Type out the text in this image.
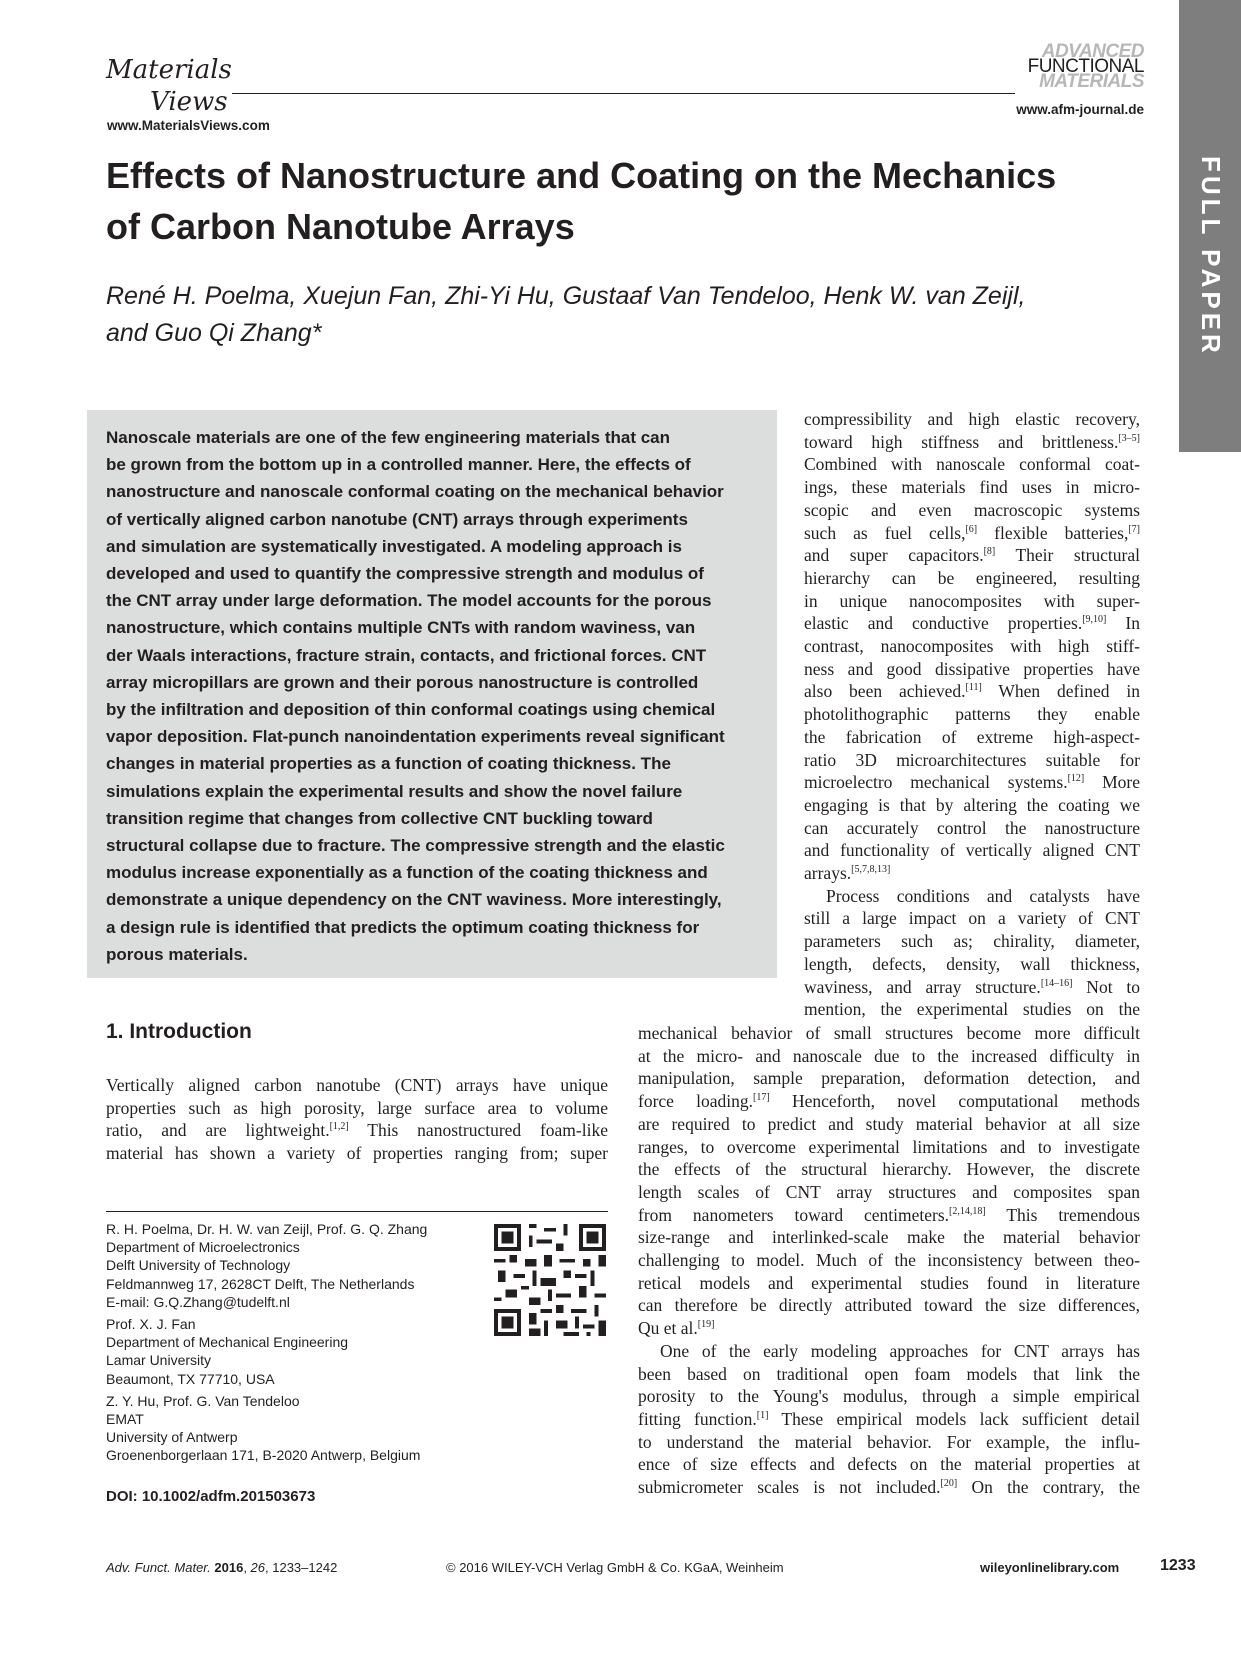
Materials
Views
www.MaterialsViews.com
ADVANCED
FUNCTIONAL
MATERIALS
www.afm-journal.de
FULL PAPER
Effects of Nanostructure and Coating on the Mechanics
of Carbon Nanotube Arrays
René H. Poelma, Xuejun Fan, Zhi-Yi Hu, Gustaaf Van Tendeloo, Henk W. van Zeijl,
and Guo Qi Zhang*
Nanoscale materials are one of the few engineering materials that can
be grown from the bottom up in a controlled manner. Here, the effects of
nanostructure and nanoscale conformal coating on the mechanical behavior
of vertically aligned carbon nanotube (CNT) arrays through experiments
and simulation are systematically investigated. A modeling approach is
developed and used to quantify the compressive strength and modulus of
the CNT array under large deformation. The model accounts for the porous
nanostructure, which contains multiple CNTs with random waviness, van
der Waals interactions, fracture strain, contacts, and frictional forces. CNT
array micropillars are grown and their porous nanostructure is controlled
by the infiltration and deposition of thin conformal coatings using chemical
vapor deposition. Flat-punch nanoindentation experiments reveal significant
changes in material properties as a function of coating thickness. The
simulations explain the experimental results and show the novel failure
transition regime that changes from collective CNT buckling toward
structural collapse due to fracture. The compressive strength and the elastic
modulus increase exponentially as a function of the coating thickness and
demonstrate a unique dependency on the CNT waviness. More interestingly,
a design rule is identified that predicts the optimum coating thickness for
porous materials.
compressibility and high elastic recovery,
toward high stiffness and brittleness.[3–5]
Combined with nanoscale conformal coat-
ings, these materials find uses in micro-
scopic and even macroscopic systems
such as fuel cells,[6] flexible batteries,[7]
and super capacitors.[8] Their structural
hierarchy can be engineered, resulting
in unique nanocomposites with super-
elastic and conductive properties.[9,10] In
contrast, nanocomposites with high stiff-
ness and good dissipative properties have
also been achieved.[11] When defined in
photolithographic patterns they enable
the fabrication of extreme high-aspect-
ratio 3D microarchitectures suitable for
microelectro mechanical systems.[12] More
engaging is that by altering the coating we
can accurately control the nanostructure
and functionality of vertically aligned CNT
arrays.[5,7,8,13]
Process conditions and catalysts have
still a large impact on a variety of CNT
parameters such as; chirality, diameter,
length, defects, density, wall thickness,
waviness, and array structure.[14–16] Not to
mention, the experimental studies on the
mechanical behavior of small structures become more difficult
at the micro- and nanoscale due to the increased difficulty in
manipulation, sample preparation, deformation detection, and
force loading.[17] Henceforth, novel computational methods
are required to predict and study material behavior at all size
ranges, to overcome experimental limitations and to investigate
the effects of the structural hierarchy. However, the discrete
length scales of CNT array structures and composites span
from nanometers toward centimeters.[2,14,18] This tremendous
size-range and interlinked-scale make the material behavior
challenging to model. Much of the inconsistency between theo-
retical models and experimental studies found in literature
can therefore be directly attributed toward the size differences,
Qu et al.[19]
One of the early modeling approaches for CNT arrays has
been based on traditional open foam models that link the
porosity to the Young's modulus, through a simple empirical
fitting function.[1] These empirical models lack sufficient detail
to understand the material behavior. For example, the influ-
ence of size effects and defects on the material properties at
submicrometer scales is not included.[20] On the contrary, the
1. Introduction
Vertically aligned carbon nanotube (CNT) arrays have unique
properties such as high porosity, large surface area to volume
ratio, and are lightweight.[1,2] This nanostructured foam-like
material has shown a variety of properties ranging from; super
R. H. Poelma, Dr. H. W. van Zeijl, Prof. G. Q. Zhang
Department of Microelectronics
Delft University of Technology
Feldmannweg 17, 2628CT Delft, The Netherlands
E-mail: G.Q.Zhang@tudelft.nl
Prof. X. J. Fan
Department of Mechanical Engineering
Lamar University
Beaumont, TX 77710, USA
Z. Y. Hu, Prof. G. Van Tendeloo
EMAT
University of Antwerp
Groenenborgerlaan 171, B-2020 Antwerp, Belgium
DOI: 10.1002/adfm.201503673
Adv. Funct. Mater. 2016, 26, 1233–1242	© 2016 WILEY-VCH Verlag GmbH & Co. KGaA, Weinheim	wileyonlinelibrary.com	1233
